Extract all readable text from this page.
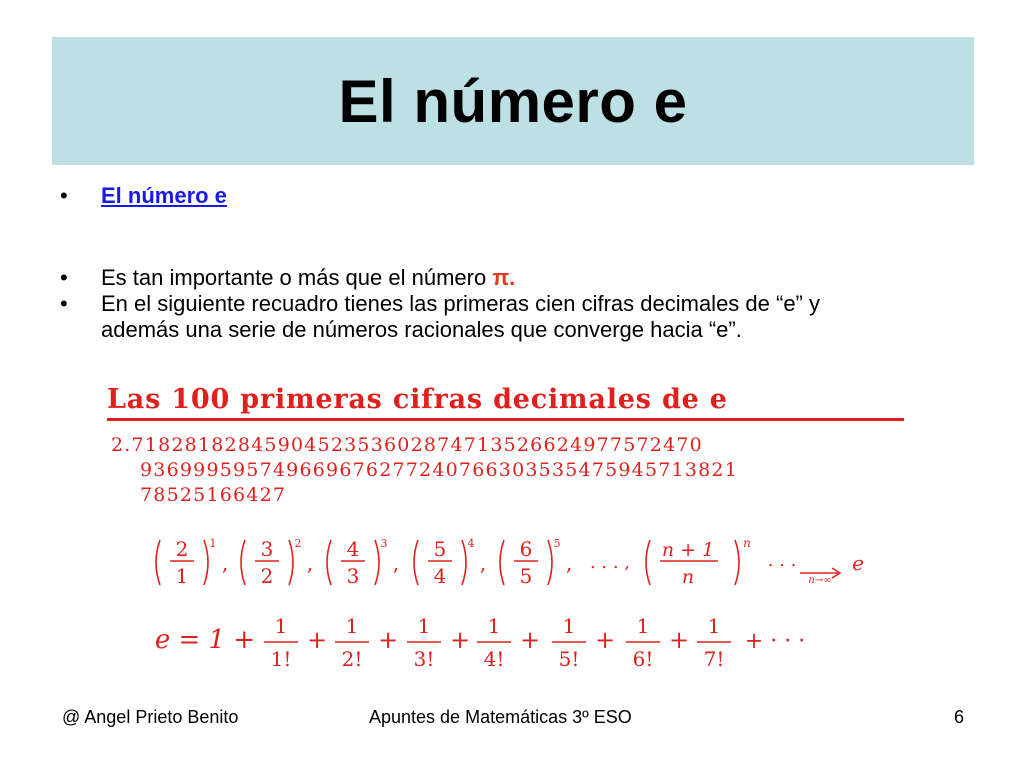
El número e
• El número e
• Es tan importante o más que el número π.
• En el siguiente recuadro tienes las primeras cien cifras decimales de “e” y
además una serie de números racionales que converge hacia “e”.
Las 100 primeras cifras decimales de e
2.7182818284590452353602874713526624977572470
9369995957496696762772407663035354759457138​21
78525166427
2
1
1
,
3
2
2
,
4
3
3
,
5
4
4
,
6
5
5
, . . . ,
n + 1
n
n
. . .	e
n→∞
e = 1 + 1
1!
+ 1
2!
+ 1
3!
+ 1
4!
+ 1
5!
+ 1
6!
+ 1
7!
+ · · ·
@ Angel Prieto Benito	Apuntes de Matemáticas 3º ESO	6
